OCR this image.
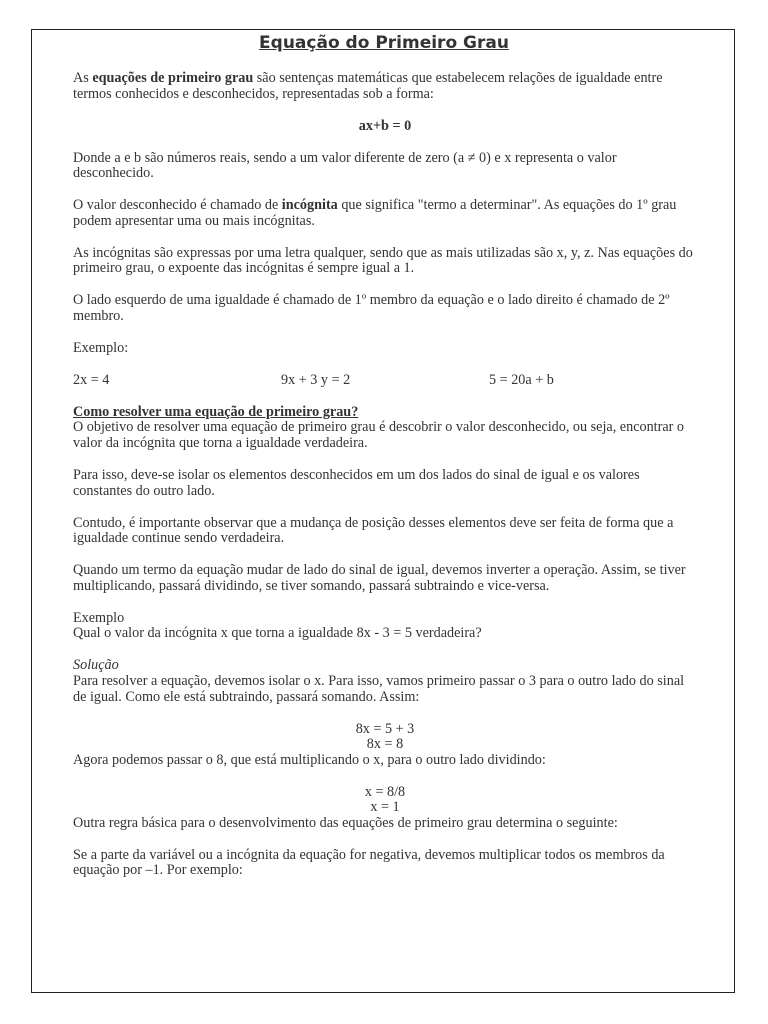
Equação do Primeiro Grau

As equações de primeiro grau são sentenças matemáticas que estabelecem relações de igualdade entre termos conhecidos e desconhecidos, representadas sob a forma:

ax+b = 0

Donde a e b são números reais, sendo a um valor diferente de zero (a ≠ 0) e x representa o valor desconhecido.

O valor desconhecido é chamado de incógnita que significa "termo a determinar". As equações do 1º grau podem apresentar uma ou mais incógnitas.

As incógnitas são expressas por uma letra qualquer, sendo que as mais utilizadas são x, y, z. Nas equações do primeiro grau, o expoente das incógnitas é sempre igual a 1.

O lado esquerdo de uma igualdade é chamado de 1º membro da equação e o lado direito é chamado de 2º membro.

Exemplo:

2x = 4	9x + 3 y = 2	5 = 20a + b

Como resolver uma equação de primeiro grau?

O objetivo de resolver uma equação de primeiro grau é descobrir o valor desconhecido, ou seja, encontrar o valor da incógnita que torna a igualdade verdadeira.

Para isso, deve-se isolar os elementos desconhecidos em um dos lados do sinal de igual e os valores constantes do outro lado.

Contudo, é importante observar que a mudança de posição desses elementos deve ser feita de forma que a igualdade continue sendo verdadeira.

Quando um termo da equação mudar de lado do sinal de igual, devemos inverter a operação. Assim, se tiver multiplicando, passará dividindo, se tiver somando, passará subtraindo e vice-versa.

Exemplo

Qual o valor da incógnita x que torna a igualdade 8x - 3 = 5 verdadeira?

Solução

Para resolver a equação, devemos isolar o x. Para isso, vamos primeiro passar o 3 para o outro lado do sinal de igual. Como ele está subtraindo, passará somando. Assim:

8x = 5 + 3
8x = 8

Agora podemos passar o 8, que está multiplicando o x, para o outro lado dividindo:

x = 8/8
x = 1

Outra regra básica para o desenvolvimento das equações de primeiro grau determina o seguinte:

Se a parte da variável ou a incógnita da equação for negativa, devemos multiplicar todos os membros da equação por –1. Por exemplo:
